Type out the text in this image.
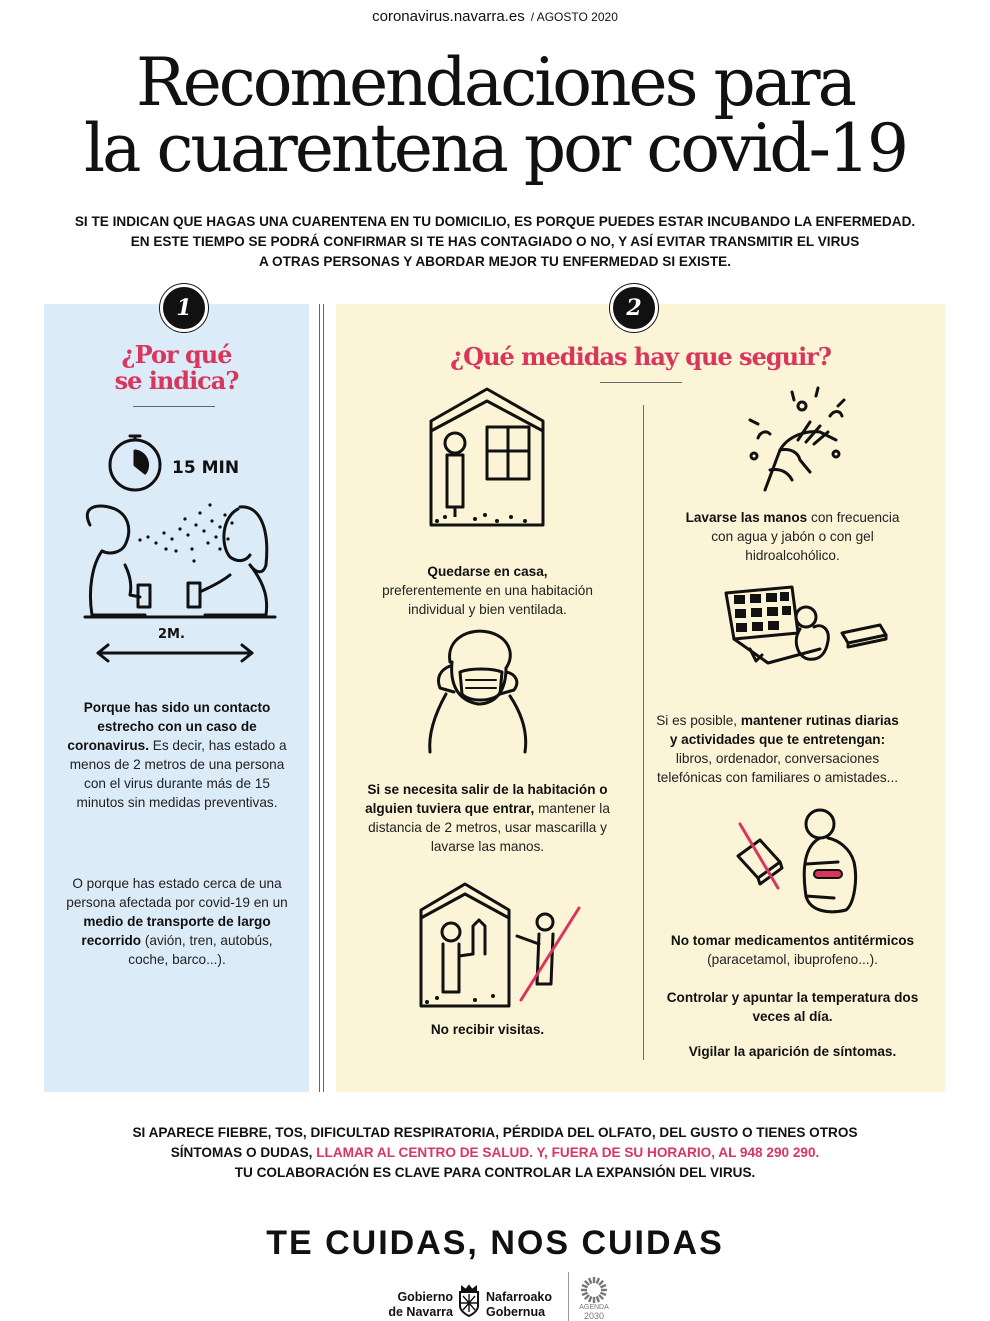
coronavirus.navarra.es / AGOSTO 2020
Recomendaciones para
la cuarentena por covid-19
SI TE INDICAN QUE HAGAS UNA CUARENTENA EN TU DOMICILIO, ES PORQUE PUEDES ESTAR INCUBANDO LA ENFERMEDAD.
EN ESTE TIEMPO SE PODRÁ CONFIRMAR SI TE HAS CONTAGIADO O NO, Y ASÍ EVITAR TRANSMITIR EL VIRUS
A OTRAS PERSONAS Y ABORDAR MEJOR TU ENFERMEDAD SI EXISTE.
1
¿Por qué
se indica?
15 MIN
2M.
Porque has sido un contacto estrecho con un caso de coronavirus. Es decir, has estado a menos de 2 metros de una persona con el virus durante más de 15 minutos sin medidas preventivas.
O porque has estado cerca de una persona afectada por covid-19 en un medio de transporte de largo recorrido (avión, tren, autobús, coche, barco...).
2
¿Qué medidas hay que seguir?
Quedarse en casa,
preferentemente en una habitación individual y bien ventilada.
Si se necesita salir de la habitación o alguien tuviera que entrar, mantener la distancia de 2 metros, usar mascarilla y lavarse las manos.
No recibir visitas.
Lavarse las manos con frecuencia con agua y jabón o con gel hidroalcohólico.
Si es posible, mantener rutinas diarias y actividades que te entretengan: libros, ordenador, conversaciones telefónicas con familiares o amistades...
No tomar medicamentos antitérmicos (paracetamol, ibuprofeno...).
Controlar y apuntar la temperatura dos veces al día.
Vigilar la aparición de síntomas.
SI APARECE FIEBRE, TOS, DIFICULTAD RESPIRATORIA, PÉRDIDA DEL OLFATO, DEL GUSTO O TIENES OTROS
SÍNTOMAS O DUDAS, LLAMAR AL CENTRO DE SALUD. Y, FUERA DE SU HORARIO, AL 948 290 290.
TU COLABORACIÓN ES CLAVE PARA CONTROLAR LA EXPANSIÓN DEL VIRUS.
TE CUIDAS, NOS CUIDAS
Gobierno
de Navarra
Nafarroako
Gobernua	AGENDA
2030
